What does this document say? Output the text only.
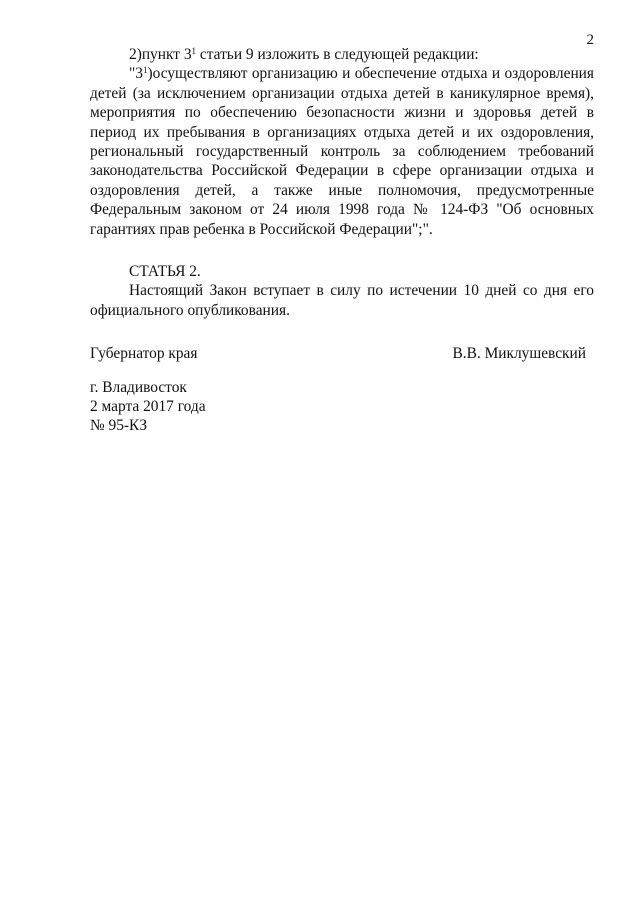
2

2)пункт $3^1$ статьи 9 изложить в следующей редакции:

"$3^1)осуществляют$ организацию и обеспечение отдыха и оздоровления детей (за исключением организации отдыха детей в каникулярное время), мероприятия по обеспечению безопасности жизни и здоровья детей в период их пребывания в организациях отдыха детей и их оздоровления, региональный государственный контроль за соблюдением требований законодательства Российской Федерации в сфере организации отдыха и оздоровления детей, а также иные полномочия, предусмотренные Федеральным законом от 24 июля 1998 года № 124-ФЗ "Об основных гарантиях прав ребенка в Российской Федерации";".

СТАТЬЯ 2.

Настоящий Закон вступает в силу по истечении 10 дней со дня его официального опубликования.

Губернатор края	В.В. Миклушевский
г. Владивосток
2 марта 2017 года
№ 95-КЗ
